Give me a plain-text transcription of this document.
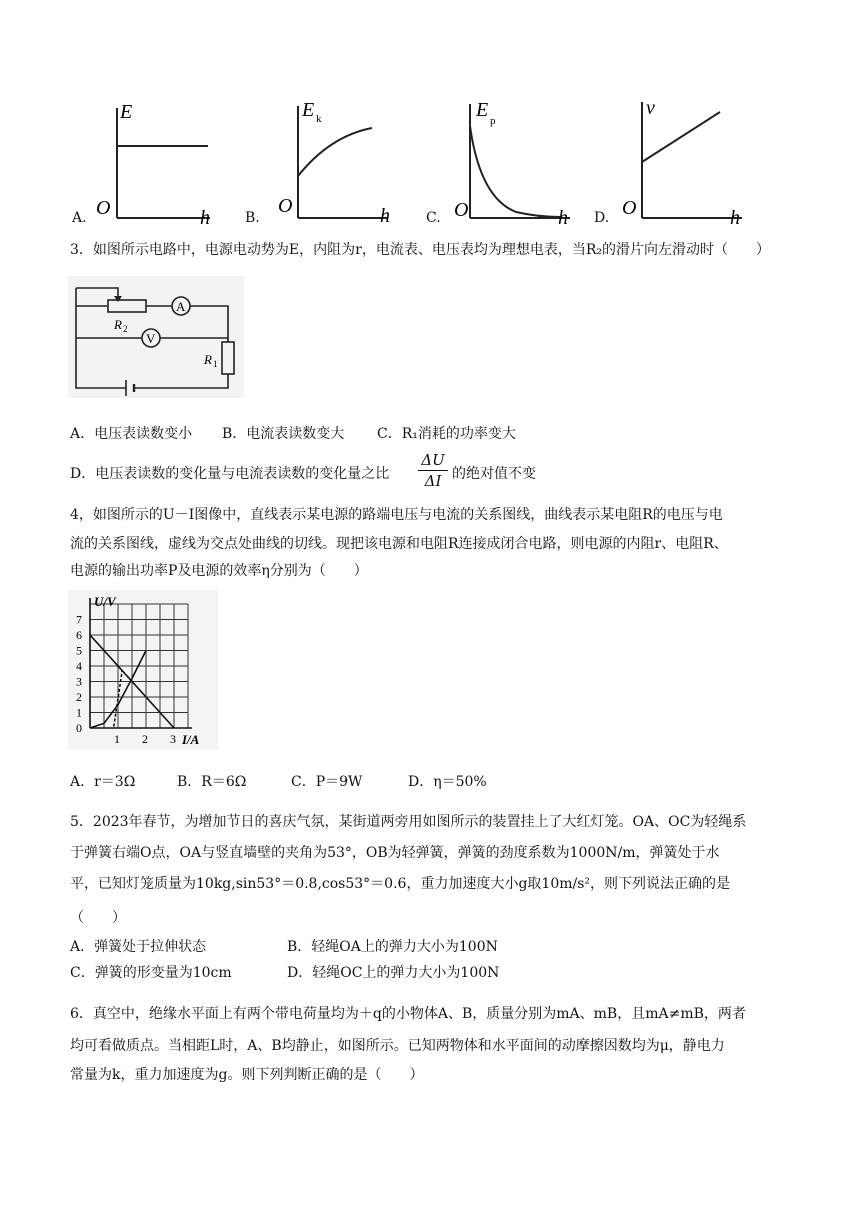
A.
E
O	h	B.
E k
O	h	C.
E p
O	h D.
v
O	h
3．如图所示电路中，电源电动势为E，内阻为r，电流表、电压表均为理想电表，当R₂的滑片向左滑动时（　　）
A
R 2
V
R 1
A．电压表读数变小 B．电流表读数变大 C．R₁消耗的功率变大
D．电压表读数的变化量与电流表读数的变化量之比 $\frac{\Delta U}{\Delta I}$ 的绝对值不变
4，如图所示的U－I图像中，直线表示某电源的路端电压与电流的关系图线，曲线表示某电阻R的电压与电
流的关系图线，虚线为交点处曲线的切线。现把该电源和电阻R连接成闭合电路，则电源的内阻r、电阻R、
电源的输出功率P及电源的效率η分别为（　　）
0
1
2
3
4
5
6
7
1 2 3
U/V
I/A
A．r＝3Ω	B．R＝6Ω	C．P＝9W	D．η＝50%
5．2023年春节，为增加节日的喜庆气氛，某街道两旁用如图所示的装置挂上了大红灯笼。OA、OC为轻绳系
于弹簧右端O点，OA与竖直墙壁的夹角为53°，OB为轻弹簧，弹簧的劲度系数为1000N/m，弹簧处于水
平，已知灯笼质量为10kg,sin53°＝0.8,cos53°＝0.6，重力加速度大小g取10m/s²，则下列说法正确的是
（　　）
A．弹簧处于拉伸状态	B．轻绳OA上的弹力大小为100N
C．弹簧的形变量为10cm	D．轻绳OC上的弹力大小为100N
6．真空中，绝缘水平面上有两个带电荷量均为＋q的小物体A、B，质量分别为mA、mB，且mA≠mB，两者
均可看做质点。当相距L时，A、B均静止，如图所示。已知两物体和水平面间的动摩擦因数均为μ，静电力
常量为k，重力加速度为g。则下列判断正确的是（　　）
